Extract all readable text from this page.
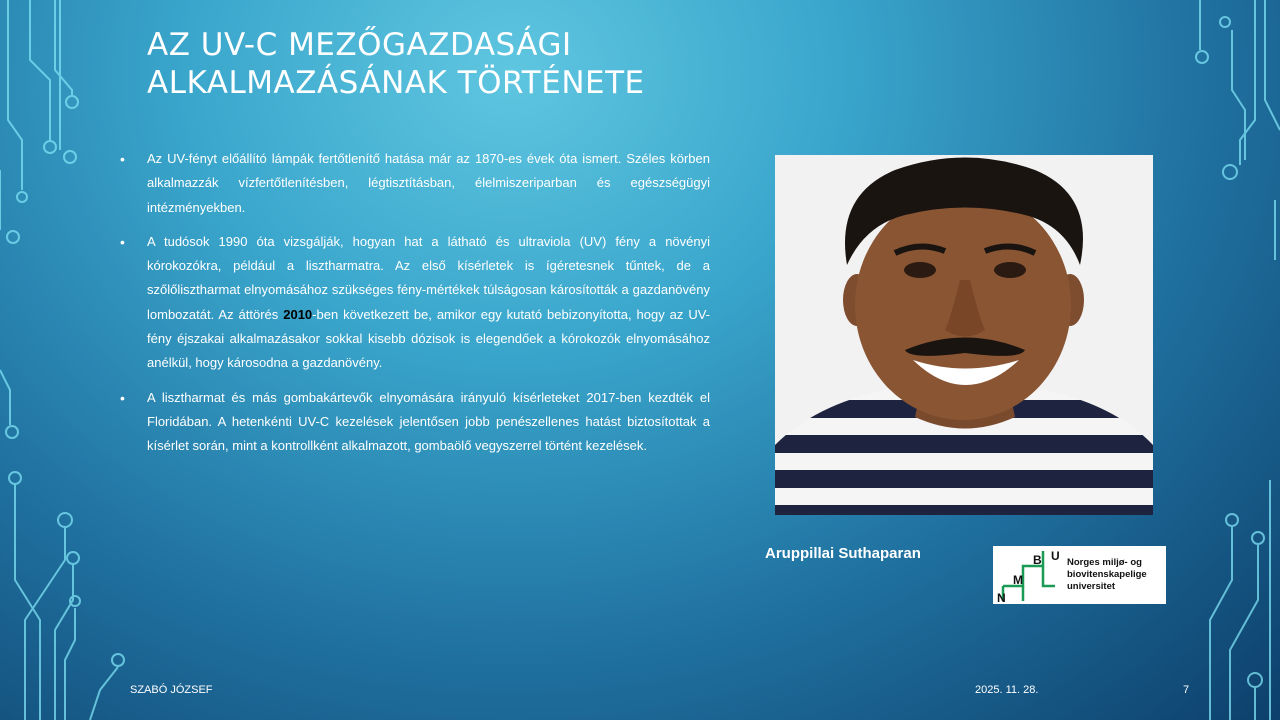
AZ UV-C MEZŐGAZDASÁGI
ALKALMAZÁSÁNAK TÖRTÉNETE
• Az UV-fényt előállító lámpák fertőtlenítő hatása már az 1870-es évek óta ismert. Széles körben alkalmazzák vízfertőtlenítésben, légtisztításban, élelmiszeriparban és egészségügyi intézményekben.
• A tudósok 1990 óta vizsgálják, hogyan hat a látható és ultraviola (UV) fény a növényi kórokozókra, például a lisztharmatra. Az első kísérletek is ígéretesnek tűntek, de a szőlőlisztharmat elnyomásához szükséges fény-mértékek túlságosan károsították a gazdanövény lombozatát. Az áttörés 2010-ben következett be, amikor egy kutató bebizonyította, hogy az UV-fény éjszakai alkalmazásakor sokkal kisebb dózisok is elegendőek a kórokozók elnyomásához anélkül, hogy károsodna a gazdanövény.
• A lisztharmat és más gombakártevők elnyomására irányuló kísérleteket 2017-ben kezdték el Floridában. A hetenkénti UV-C kezelések jelentősen jobb penészellenes hatást biztosítottak a kísérlet során, mint a kontrollként alkalmazott, gombaölő vegyszerrel történt kezelések.
Aruppillai Suthaparan
N
M
B U Norges miljø- og
biovitenskapelige
universitet
SZABÓ JÓZSEF	2025. 11. 28.	7
